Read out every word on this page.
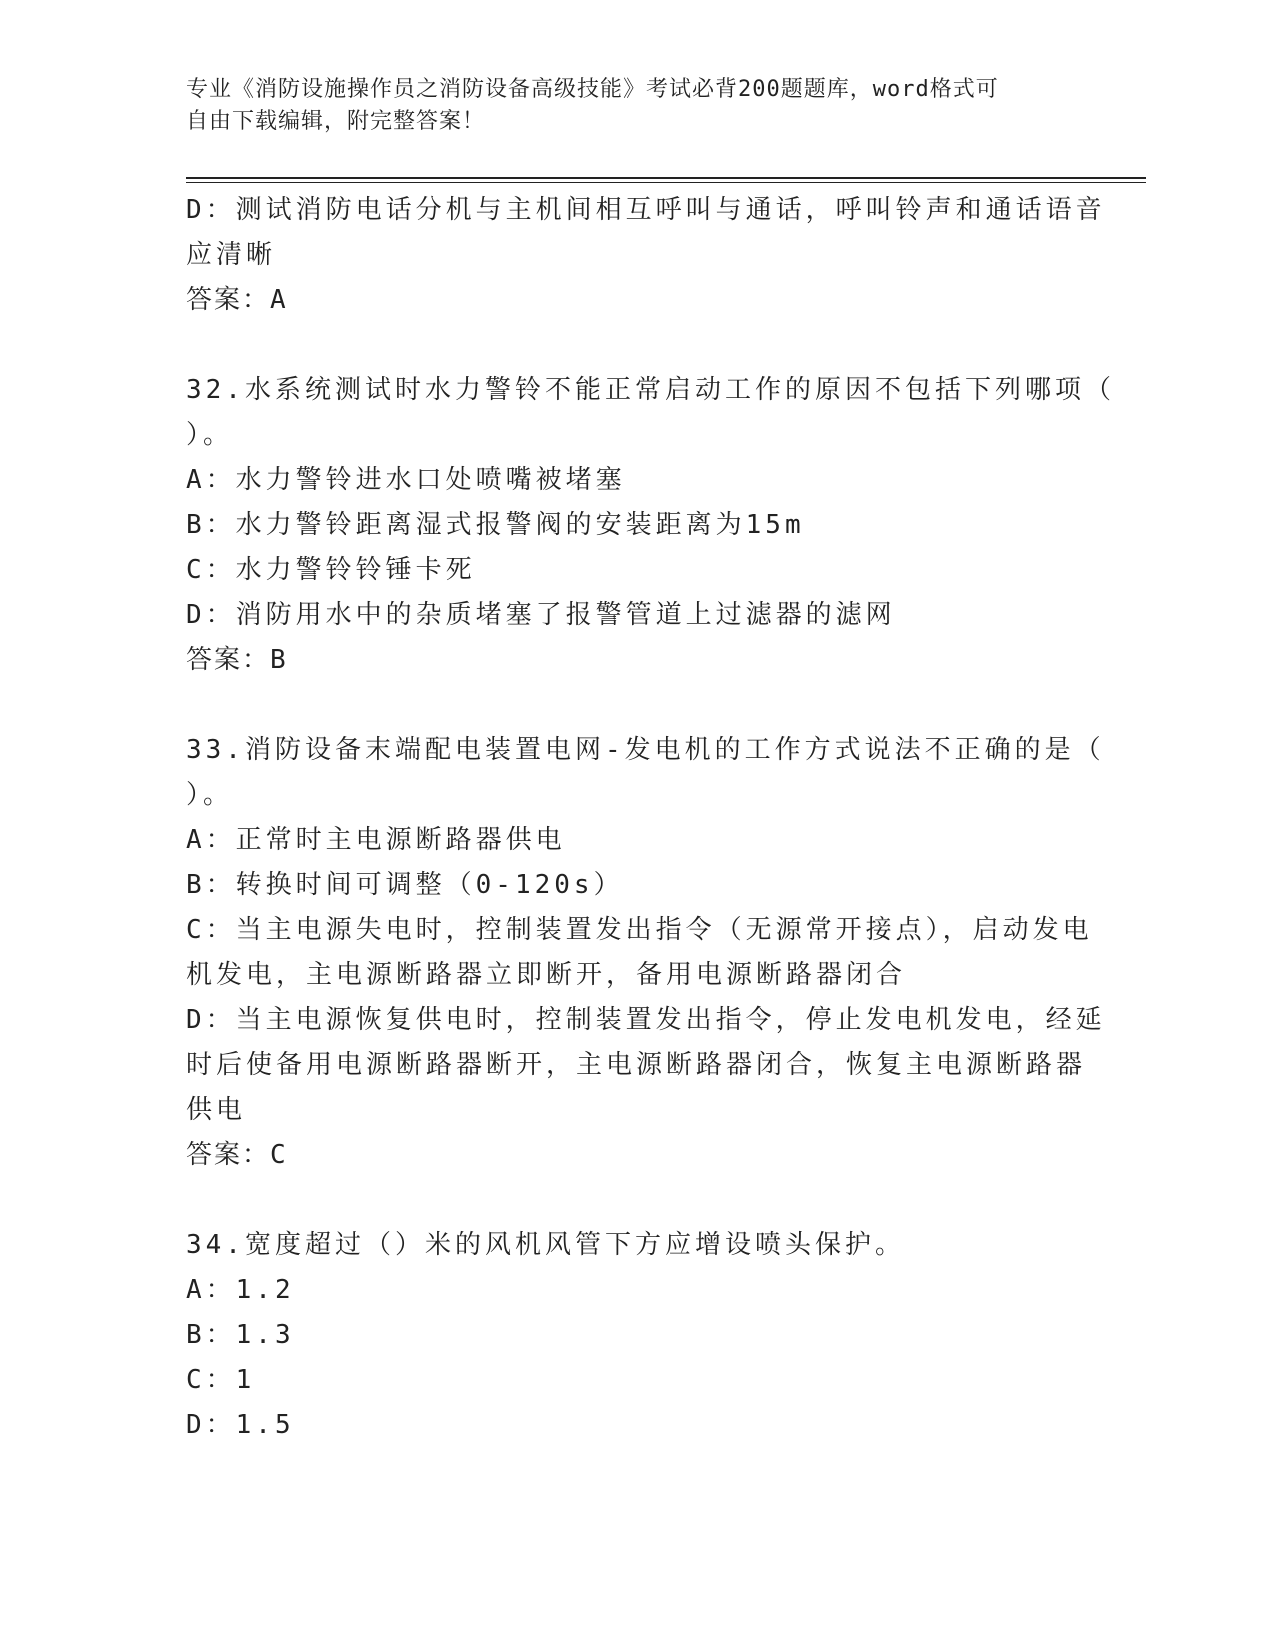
专业《消防设施操作员之消防设备高级技能》考试必背200题题库，word格式可
自由下载编辑，附完整答案！
D：测试消防电话分机与主机间相互呼叫与通话，呼叫铃声和通话语音
应清晰
答案：A
32.水系统测试时水力警铃不能正常启动工作的原因不包括下列哪项（
）。
A：水力警铃进水口处喷嘴被堵塞
B：水力警铃距离湿式报警阀的安装距离为15m
C：水力警铃铃锤卡死
D：消防用水中的杂质堵塞了报警管道上过滤器的滤网
答案：B
33.消防设备末端配电装置电网-发电机的工作方式说法不正确的是（
）。
A：正常时主电源断路器供电
B：转换时间可调整（0-120s）
C：当主电源失电时，控制装置发出指令（无源常开接点），启动发电
机发电，主电源断路器立即断开，备用电源断路器闭合
D：当主电源恢复供电时，控制装置发出指令，停止发电机发电，经延
时后使备用电源断路器断开，主电源断路器闭合，恢复主电源断路器
供电
答案：C
34.宽度超过（）米的风机风管下方应增设喷头保护。
A：1.2
B：1.3
C：1
D：1.5
